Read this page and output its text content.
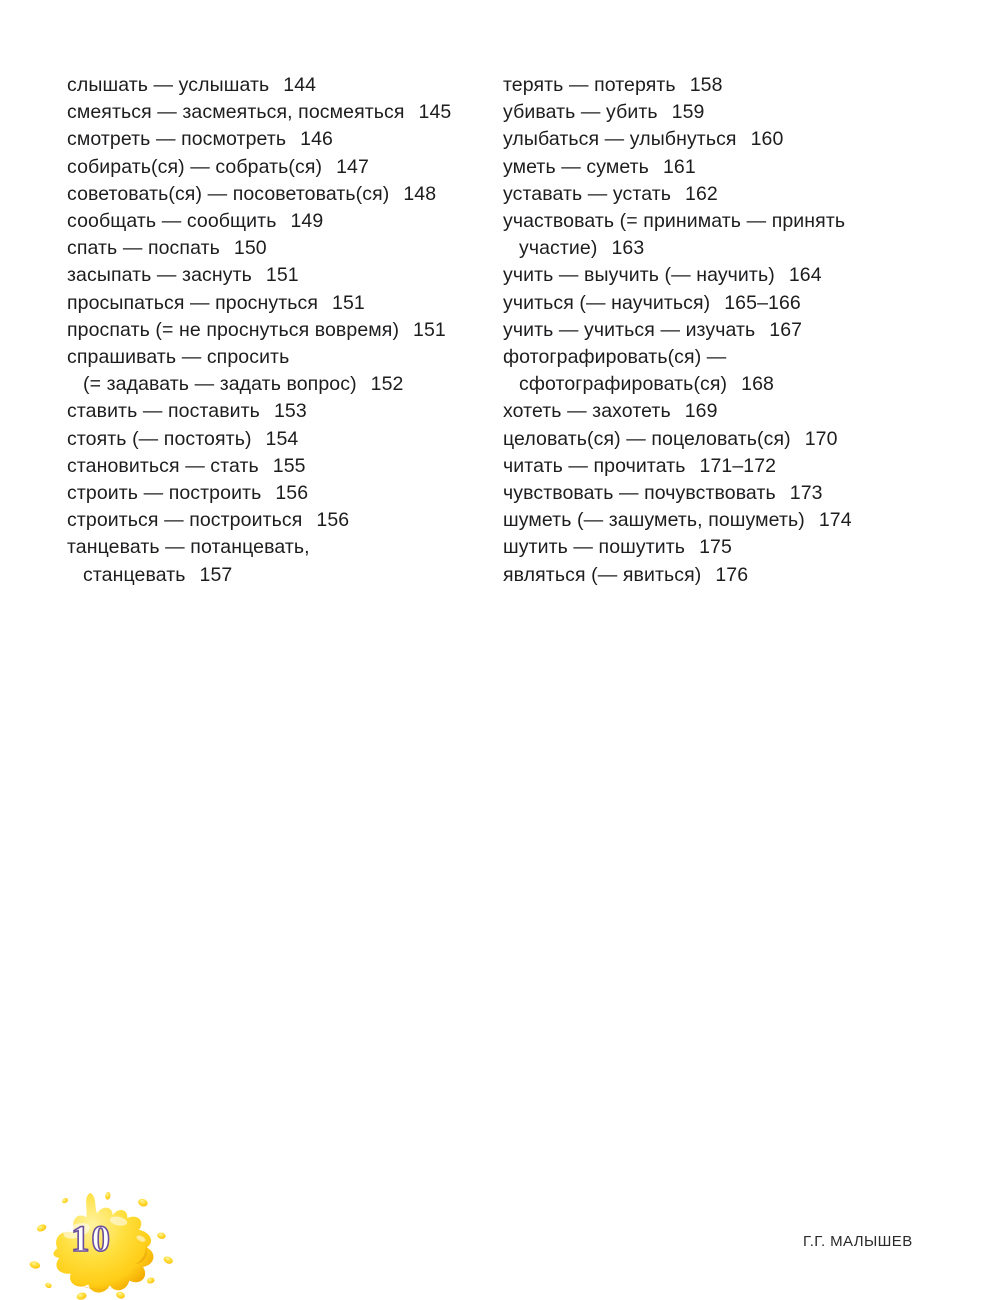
слышать — услышать 144
смеяться — засмеяться, посмеяться 145
смотреть — посмотреть 146
собирать(ся) — собрать(ся) 147
советовать(ся) — посоветовать(ся) 148
сообщать — сообщить 149
спать — поспать 150
засыпать — заснуть 151
просыпаться — проснуться 151
проспать (= не проснуться вовремя) 151
спрашивать — спросить
(= задавать — задать вопрос) 152
ставить — поставить 153
стоять (— постоять) 154
становиться — стать 155
строить — построить 156
строиться — построиться 156
танцевать — потанцевать,
станцевать 157
терять — потерять 158
убивать — убить 159
улыбаться — улыбнуться 160
уметь — суметь 161
уставать — устать 162
участвовать (= принимать — принять
участие) 163
учить — выучить (— научить) 164
учиться (— научиться) 165–166
учить — учиться — изучать 167
фотографировать(ся) —
сфотографировать(ся) 168
хотеть — захотеть 169
целовать(ся) — поцеловать(ся) 170
читать — прочитать 171–172
чувствовать — почувствовать 173
шуметь (— зашуметь, пошуметь) 174
шутить — пошутить 175
являться (— явиться) 176
10	Г.Г. МАЛЫШЕВ
